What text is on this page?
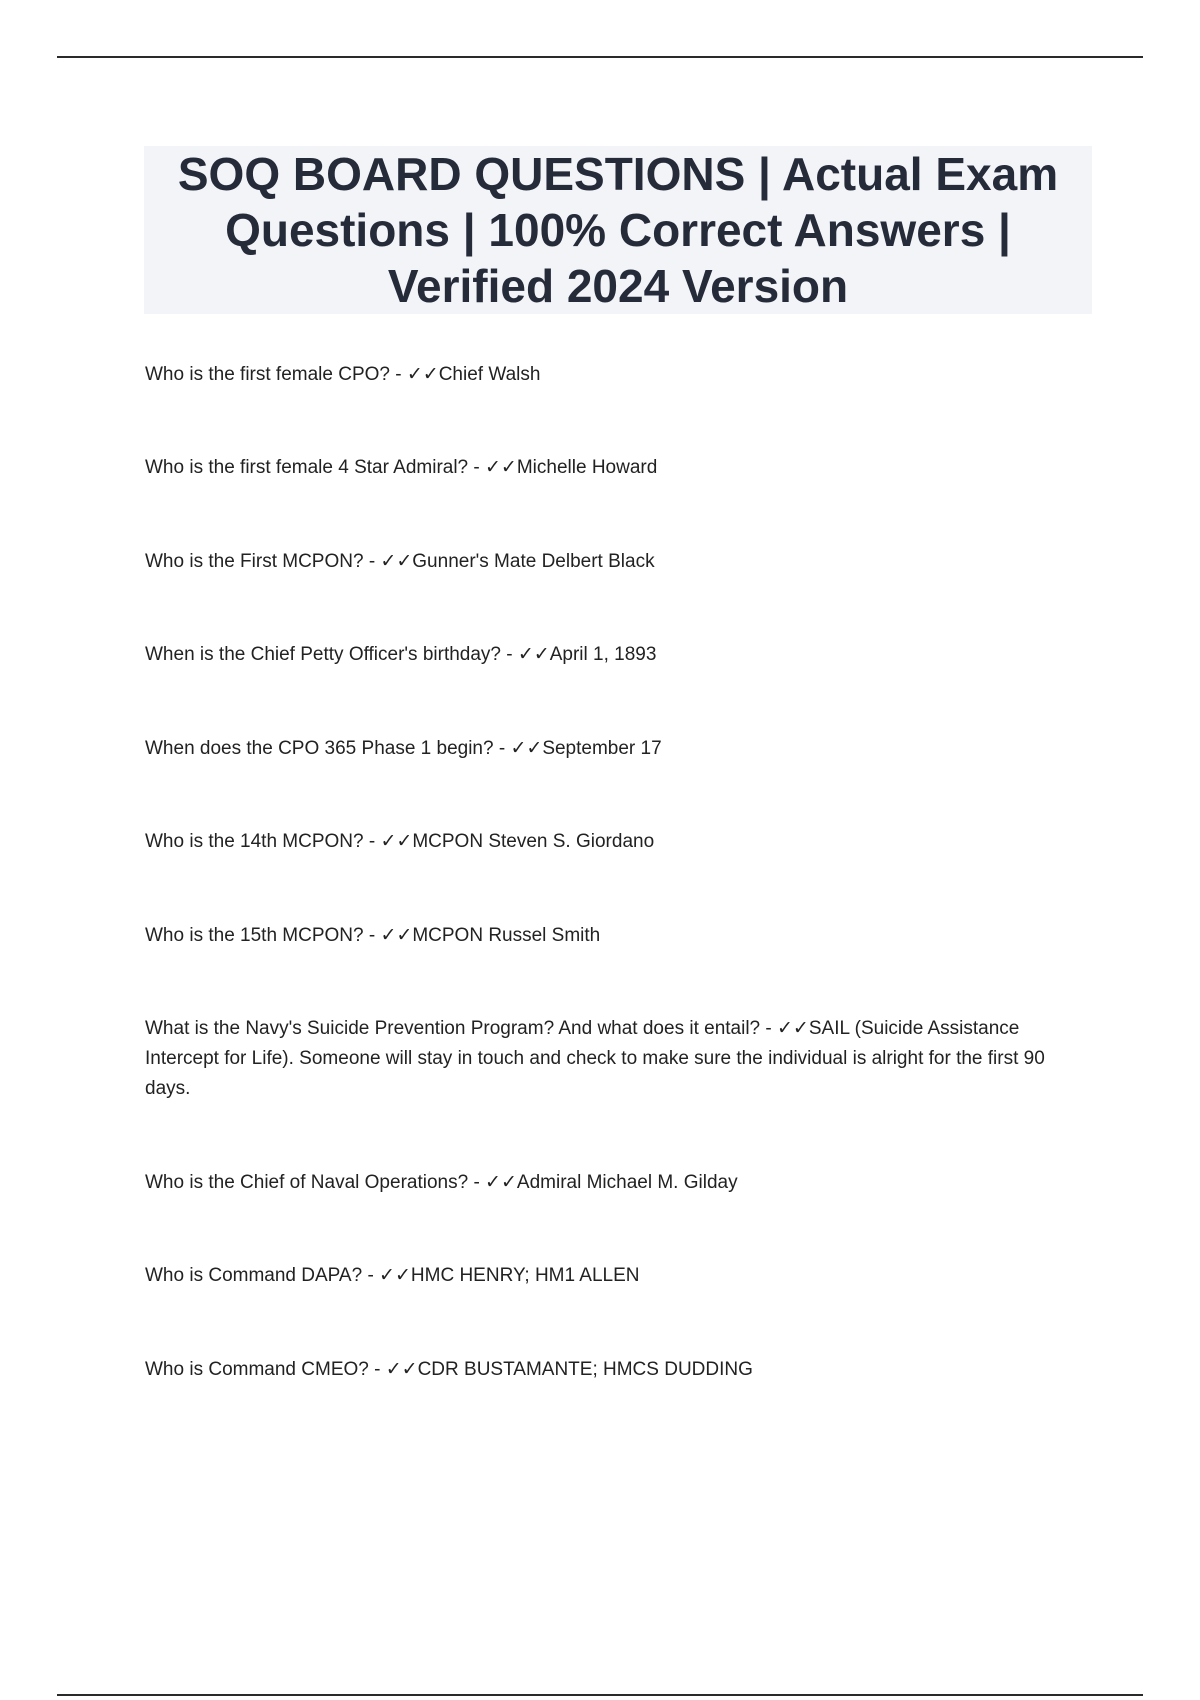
SOQ BOARD QUESTIONS | Actual Exam Questions | 100% Correct Answers | Verified 2024 Version
Who is the first female CPO? - ✓✓Chief Walsh
Who is the first female 4 Star Admiral? - ✓✓Michelle Howard
Who is the First MCPON? - ✓✓Gunner's Mate Delbert Black
When is the Chief Petty Officer's birthday? - ✓✓April 1, 1893
When does the CPO 365 Phase 1 begin? - ✓✓September 17
Who is the 14th MCPON? - ✓✓MCPON Steven S. Giordano
Who is the 15th MCPON? - ✓✓MCPON Russel Smith
What is the Navy's Suicide Prevention Program? And what does it entail? - ✓✓SAIL (Suicide Assistance Intercept for Life). Someone will stay in touch and check to make sure the individual is alright for the first 90 days.
Who is the Chief of Naval Operations? - ✓✓Admiral Michael M. Gilday
Who is Command DAPA? - ✓✓HMC HENRY; HM1 ALLEN
Who is Command CMEO? - ✓✓CDR BUSTAMANTE; HMCS DUDDING
